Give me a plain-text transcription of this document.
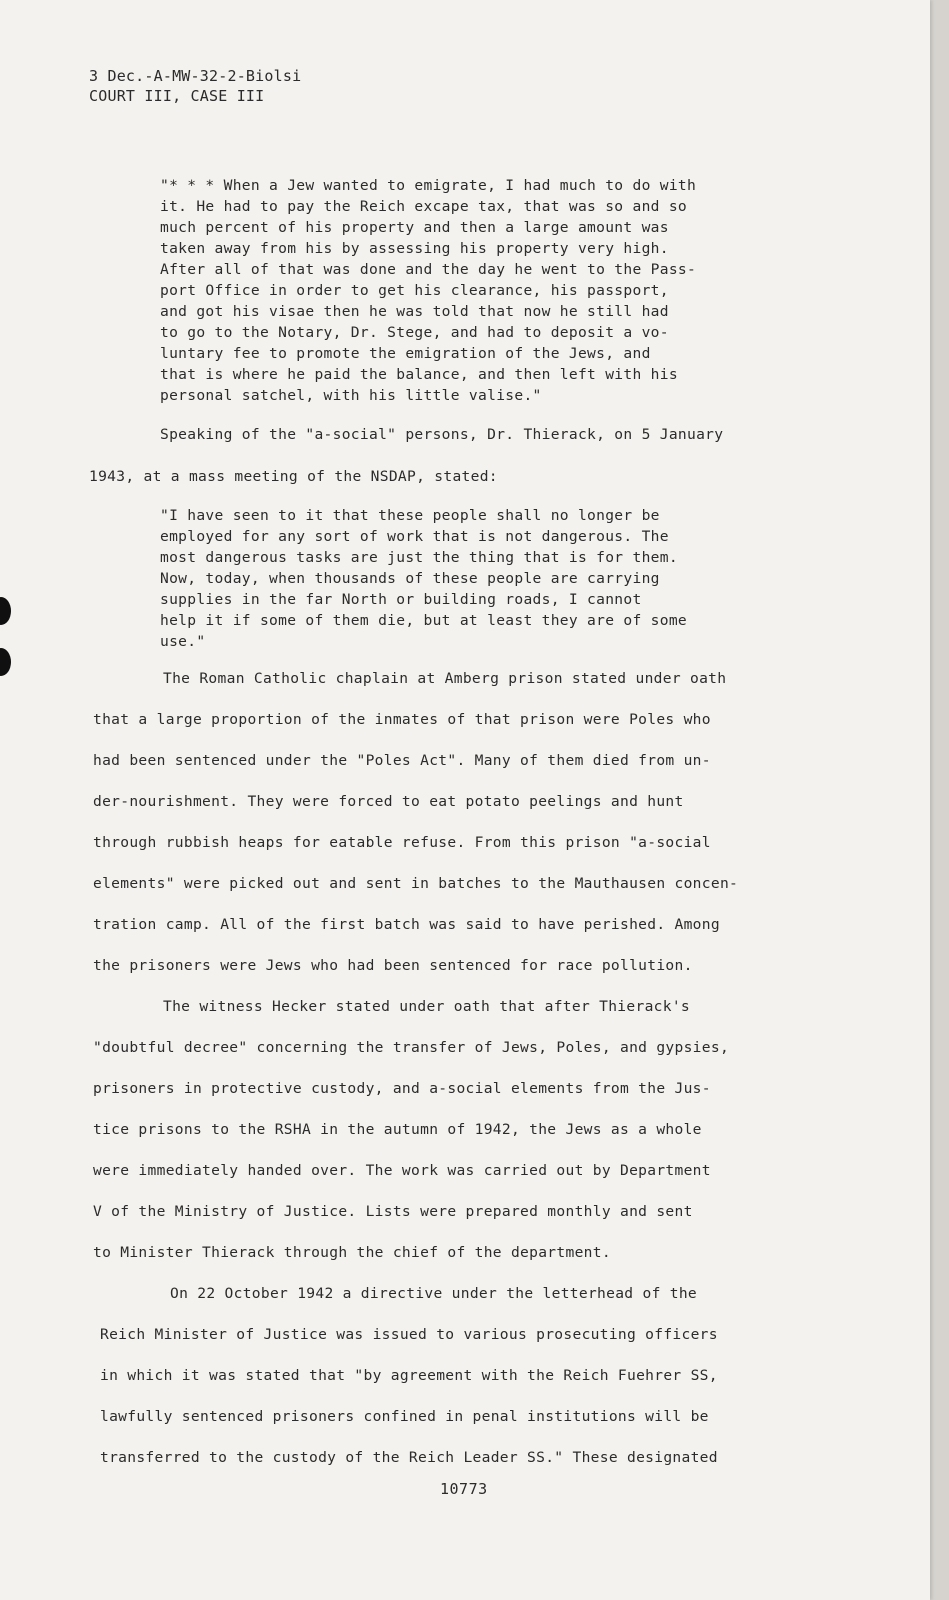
3 Dec.-A-MW-32-2-Biolsi
COURT III, CASE III
"* * * When a Jew wanted to emigrate, I had much to do with
it. He had to pay the Reich excape tax, that was so and so
much percent of his property and then a large amount was
taken away from his by assessing his property very high.
After all of that was done and the day he went to the Pass-
port Office in order to get his clearance, his passport,
and got his visae then he was told that now he still had
to go to the Notary, Dr. Stege, and had to deposit a vo-
luntary fee to promote the emigration of the Jews, and
that is where he paid the balance, and then left with his
personal satchel, with his little valise."
Speaking of the "a-social" persons, Dr. Thierack, on 5 January
1943, at a mass meeting of the NSDAP, stated:
"I have seen to it that these people shall no longer be
employed for any sort of work that is not dangerous. The
most dangerous tasks are just the thing that is for them.
Now, today, when thousands of these people are carrying
supplies in the far North or building roads, I cannot
help it if some of them die, but at least they are of some
use."
The Roman Catholic chaplain at Amberg prison stated under oath
that a large proportion of the inmates of that prison were Poles who
had been sentenced under the "Poles Act". Many of them died from un-
der-nourishment. They were forced to eat potato peelings and hunt
through rubbish heaps for eatable refuse. From this prison "a-social
elements" were picked out and sent in batches to the Mauthausen concen-
tration camp. All of the first batch was said to have perished. Among
the prisoners were Jews who had been sentenced for race pollution.
The witness Hecker stated under oath that after Thierack's
"doubtful decree" concerning the transfer of Jews, Poles, and gypsies,
prisoners in protective custody, and a-social elements from the Jus-
tice prisons to the RSHA in the autumn of 1942, the Jews as a whole
were immediately handed over. The work was carried out by Department
V of the Ministry of Justice. Lists were prepared monthly and sent
to Minister Thierack through the chief of the department.
On 22 October 1942 a directive under the letterhead of the
Reich Minister of Justice was issued to various prosecuting officers
in which it was stated that "by agreement with the Reich Fuehrer SS,
lawfully sentenced prisoners confined in penal institutions will be
transferred to the custody of the Reich Leader SS." These designated
10773
